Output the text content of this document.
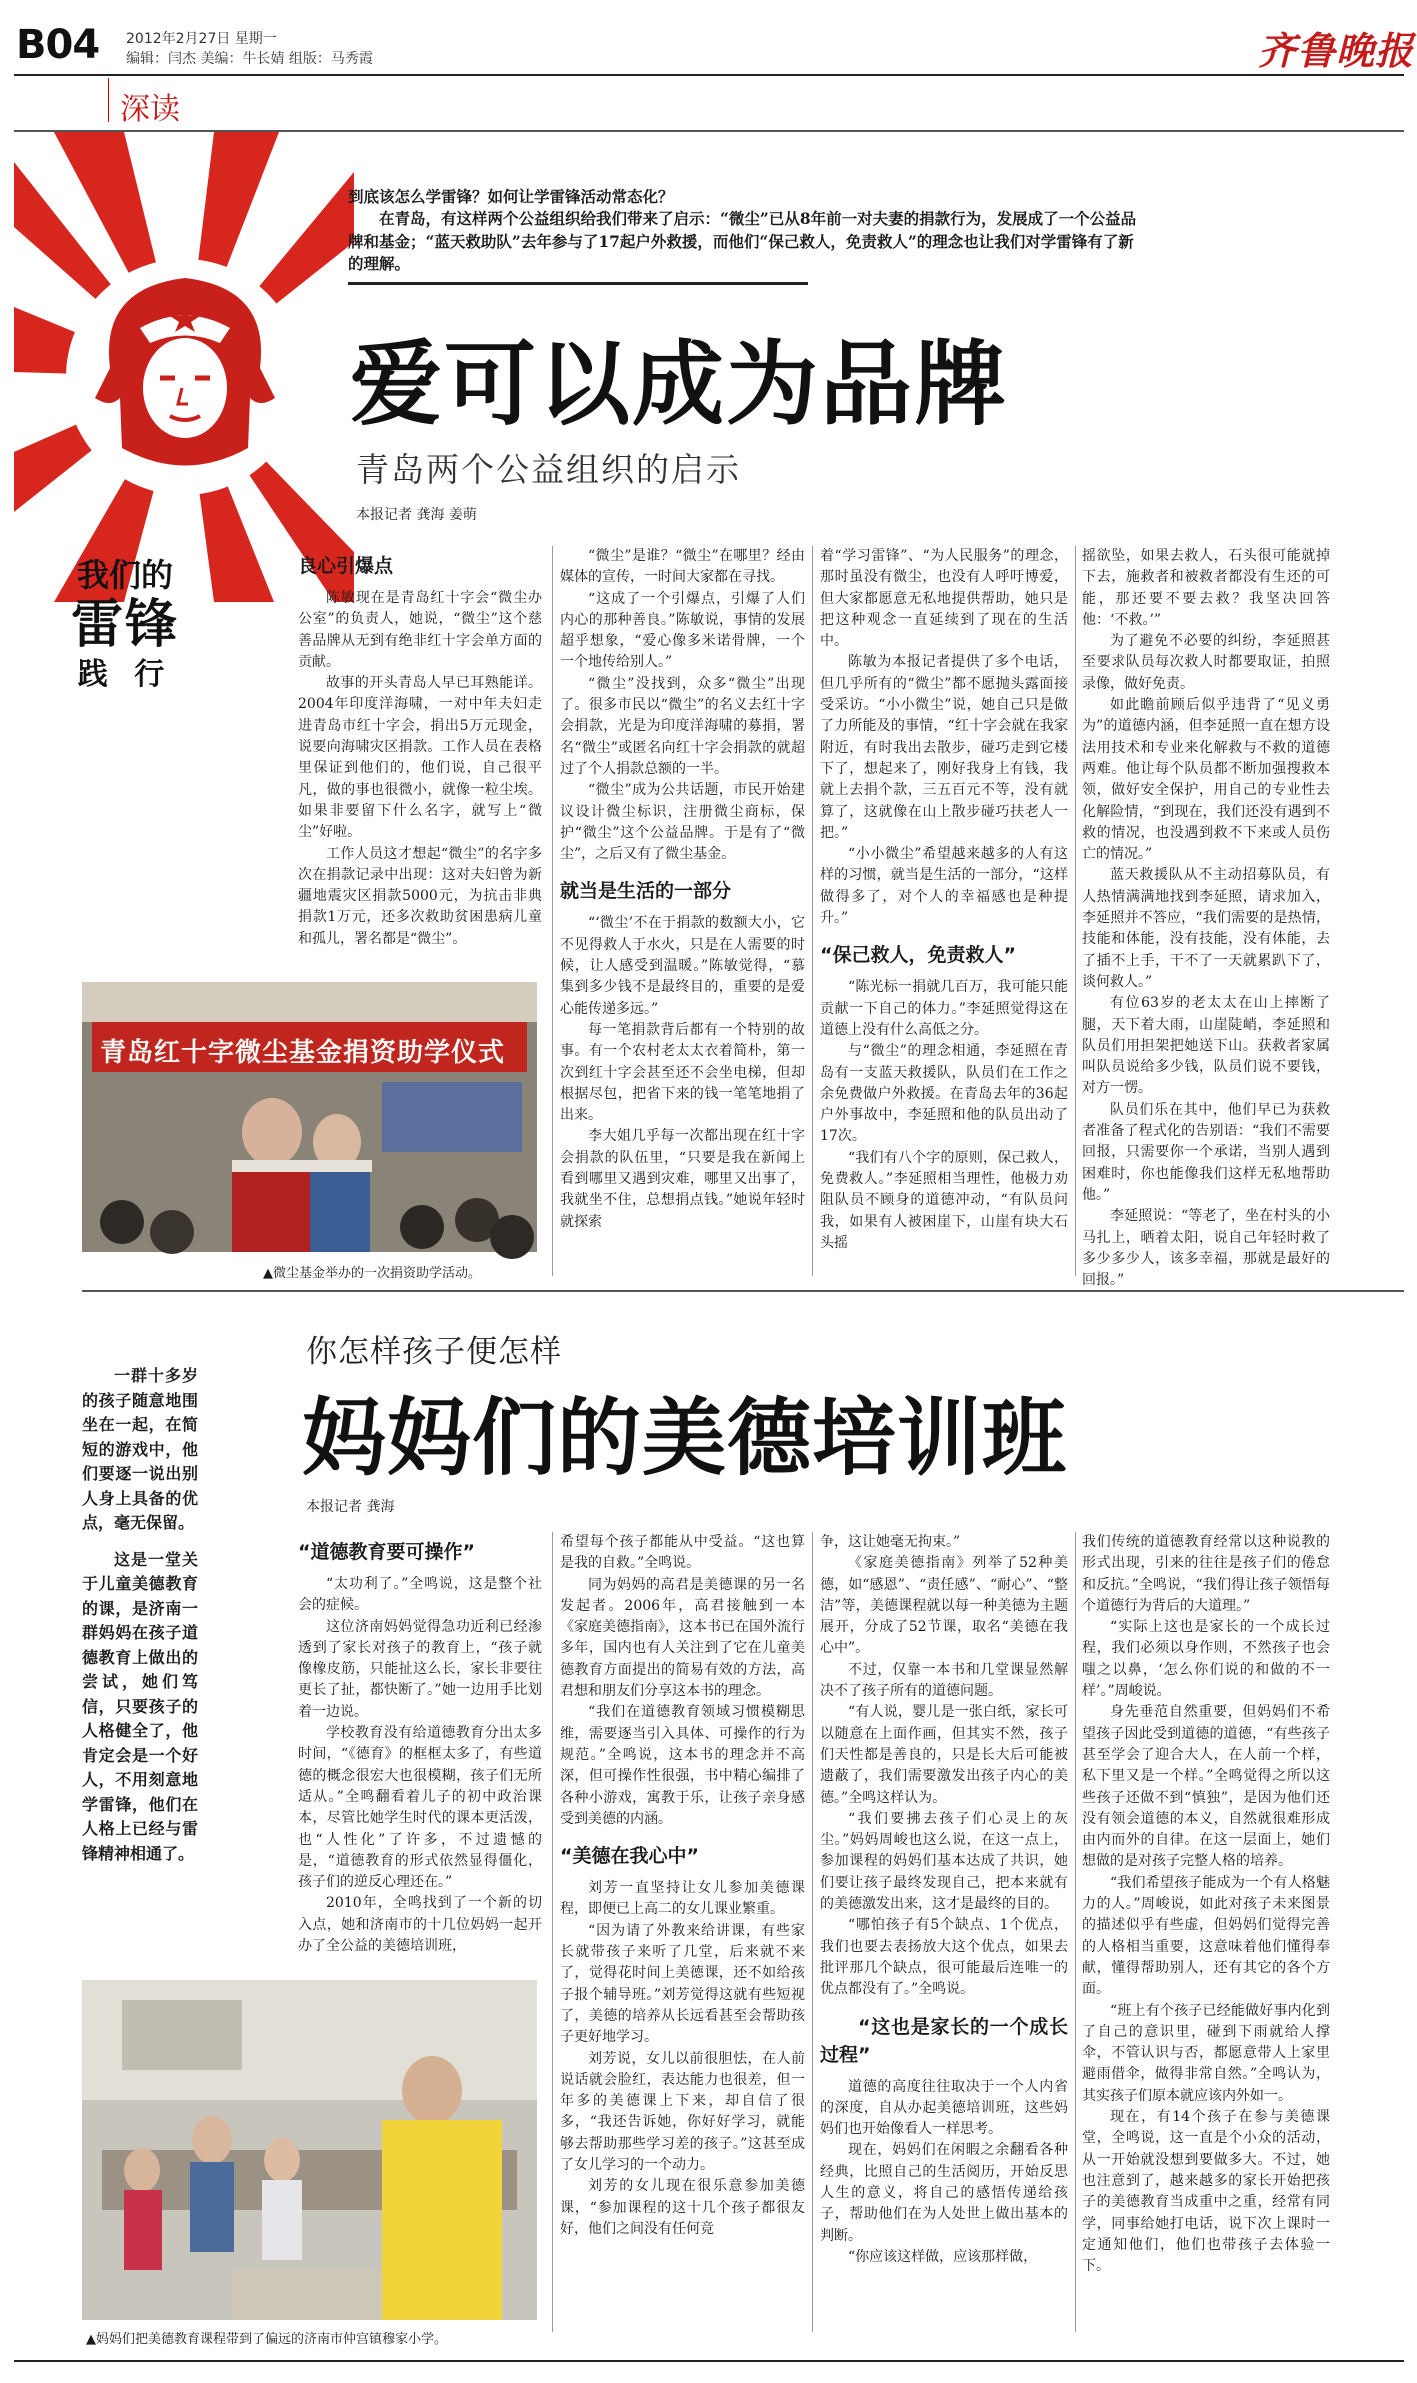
B04 2012年2月27日 星期一
编辑：闫杰 美编：牛长婧 组版：马秀霞
深读
齐鲁晚报
我们的
雷锋
践 行
到底该怎么学雷锋？如何让学雷锋活动常态化？
在青岛，有这样两个公益组织给我们带来了启示：“微尘”已从8年前一对夫妻的捐款行为，发展成了一个公益品牌和基金；“蓝天救助队”去年参与了17起户外救援，而他们“保己救人，免责救人”的理念也让我们对学雷锋有了新的理解。
爱可以成为品牌
青岛两个公益组织的启示
本报记者 龚海 姜萌
良心引爆点

陈敏现在是青岛红十字会“微尘办公室”的负责人，她说，“微尘”这个慈善品牌从无到有绝非红十字会单方面的贡献。

故事的开头青岛人早已耳熟能详。2004年印度洋海啸，一对中年夫妇走进青岛市红十字会，捐出5万元现金，说要向海啸灾区捐款。工作人员在表格里保证到他们的，他们说，自己很平凡，做的事也很微小，就像一粒尘埃。如果非要留下什么名字，就写上“微尘”好啦。

工作人员这才想起“微尘”的名字多次在捐款记录中出现：这对夫妇曾为新疆地震灾区捐款5000元，为抗击非典捐款1万元，还多次救助贫困患病儿童和孤儿，署名都是“微尘”。

青岛红十字微尘基金捐资助学仪式
▲微尘基金举办的一次捐资助学活动。

“微尘”是谁？“微尘”在哪里？经由媒体的宣传，一时间大家都在寻找。

“这成了一个引爆点，引爆了人们内心的那种善良。”陈敏说，事情的发展超乎想象，“爱心像多米诺骨牌，一个一个地传给别人。”

“微尘”没找到，众多“微尘”出现了。很多市民以“微尘”的名义去红十字会捐款，光是为印度洋海啸的募捐，署名“微尘”或匿名向红十字会捐款的就超过了个人捐款总额的一半。

“微尘”成为公共话题，市民开始建议设计微尘标识，注册微尘商标，保护“微尘”这个公益品牌。于是有了“微尘”，之后又有了微尘基金。

就当是生活的一部分

“‘微尘’不在于捐款的数额大小，它不见得救人于水火，只是在人需要的时候，让人感受到温暖。”陈敏觉得，“慕集到多少钱不是最终目的，重要的是爱心能传递多远。”

每一笔捐款背后都有一个特别的故事。有一个农村老太太衣着简朴，第一次到红十字会甚至还不会坐电梯，但却根据尽包，把省下来的钱一笔笔地捐了出来。

李大姐几乎每一次都出现在红十字会捐款的队伍里，“只要是我在新闻上看到哪里又遇到灾难，哪里又出事了，我就坐不住，总想捐点钱。”她说年轻时就探索

着“学习雷锋”、“为人民服务”的理念，那时虽没有微尘，也没有人呼吁博爱，但大家都愿意无私地提供帮助，她只是把这种观念一直延续到了现在的生活中。

陈敏为本报记者提供了多个电话，但几乎所有的“微尘”都不愿抛头露面接受采访。“小小微尘”说，她自己只是做了力所能及的事情，“红十字会就在我家附近，有时我出去散步，碰巧走到它楼下了，想起来了，刚好我身上有钱，我就上去捐个款，三五百元不等，没有就算了，这就像在山上散步碰巧扶老人一把。”

“小小微尘”希望越来越多的人有这样的习惯，就当是生活的一部分，“这样做得多了，对个人的幸福感也是种提升。”

“保己救人，免责救人”

“陈光标一捐就几百万，我可能只能贡献一下自己的体力。”李延照觉得这在道德上没有什么高低之分。

与“微尘”的理念相通，李延照在青岛有一支蓝天救援队，队员们在工作之余免费做户外救援。在青岛去年的36起户外事故中，李延照和他的队员出动了17次。

“我们有八个字的原则，保己救人，免费救人。”李延照相当理性，他极力劝阻队员不顾身的道德冲动，“有队员问我，如果有人被困崖下，山崖有块大石头摇

摇欲坠，如果去救人，石头很可能就掉下去，施救者和被救者都没有生还的可能，那还要不要去救？我坚决回答他：‘不救。’”

为了避免不必要的纠纷，李延照甚至要求队员每次救人时都要取证，拍照录像，做好免责。

如此瞻前顾后似乎违背了“见义勇为”的道德内涵，但李延照一直在想方设法用技术和专业来化解救与不救的道德两难。他让每个队员都不断加强搜救本领，做好安全保护，用自己的专业性去化解险情，“到现在，我们还没有遇到不救的情况，也没遇到救不下来或人员伤亡的情况。”

蓝天救援队从不主动招募队员，有人热情满满地找到李延照，请求加入，李延照并不答应，“我们需要的是热情，技能和体能，没有技能，没有体能，去了插不上手，干不了一天就累趴下了，谈何救人。”

有位63岁的老太太在山上摔断了腿，天下着大雨，山崖陡峭，李延照和队员们用担架把她送下山。获救者家属叫队员说给多少钱，队员们说不要钱，对方一愣。

队员们乐在其中，他们早已为获救者准备了程式化的告别语：“我们不需要回报，只需要你一个承诺，当别人遇到困难时，你也能像我们这样无私地帮助他。”

李延照说：“等老了，坐在村头的小马扎上，晒着太阳，说自己年轻时救了多少多少人，该多幸福，那就是最好的回报。”

你怎样孩子便怎样
妈妈们的美德培训班
本报记者 龚海

一群十多岁的孩子随意地围坐在一起，在简短的游戏中，他们要逐一说出别人身上具备的优点，毫无保留。

这是一堂关于儿童美德教育的课，是济南一群妈妈在孩子道德教育上做出的尝试，她们笃信，只要孩子的人格健全了，他肯定会是一个好人，不用刻意地学雷锋，他们在人格上已经与雷锋精神相通了。

“道德教育要可操作”

“太功利了。”全鸣说，这是整个社会的症候。

这位济南妈妈觉得急功近利已经渗透到了家长对孩子的教育上，“孩子就像橡皮筋，只能扯这么长，家长非要往更长了扯，都快断了。”她一边用手比划着一边说。

学校教育没有给道德教育分出太多时间，“《德育》的框框太多了，有些道德的概念很宏大也很模糊，孩子们无所适从。”全鸣翻看着儿子的初中政治课本，尽管比她学生时代的课本更活泼，也“人性化”了许多，不过遗憾的是，“道德教育的形式依然显得僵化，孩子们的逆反心理还在。”

2010年，全鸣找到了一个新的切入点，她和济南市的十几位妈妈一起开办了全公益的美德培训班，

▲妈妈们把美德教育课程带到了偏远的济南市仲宫镇穆家小学。

希望每个孩子都能从中受益。“这也算是我的自救。”全鸣说。

同为妈妈的高君是美德课的另一名发起者。2006年，高君接触到一本《家庭美德指南》，这本书已在国外流行多年，国内也有人关注到了它在儿童美德教育方面提出的简易有效的方法，高君想和朋友们分享这本书的理念。

“我们在道德教育领域习惯模糊思维，需要逐当引入具体、可操作的行为规范。”全鸣说，这本书的理念并不高深，但可操作性很强，书中精心编排了各种小游戏，寓教于乐，让孩子亲身感受到美德的内涵。

“美德在我心中”

刘芳一直坚持让女儿参加美德课程，即便已上高二的女儿课业繁重。

“因为请了外教来给讲课，有些家长就带孩子来听了几堂，后来就不来了，觉得花时间上美德课，还不如给孩子报个辅导班。”刘芳觉得这就有些短视了，美德的培养从长远看甚至会帮助孩子更好地学习。

刘芳说，女儿以前很胆怯，在人前说话就会脸红，表达能力也很差，但一年多的美德课上下来，却自信了很多，“我还告诉她，你好好学习，就能够去帮助那些学习差的孩子。”这甚至成了女儿学习的一个动力。

刘芳的女儿现在很乐意参加美德课，“参加课程的这十几个孩子都很友好，他们之间没有任何竞

争，这让她毫无拘束。”

《家庭美德指南》列举了52种美德，如“感恩”、“责任感”、“耐心”、“整洁”等，美德课程就以每一种美德为主题展开，分成了52节课，取名“美德在我心中”。

不过，仅靠一本书和几堂课显然解决不了孩子所有的道德问题。

“有人说，婴儿是一张白纸，家长可以随意在上面作画，但其实不然，孩子们天性都是善良的，只是长大后可能被遗蔽了，我们需要激发出孩子内心的美德。”全鸣这样认为。

“我们要拂去孩子们心灵上的灰尘。”妈妈周峻也这么说，在这一点上，参加课程的妈妈们基本达成了共识，她们要让孩子最终发现自己，把本来就有的美德激发出来，这才是最终的目的。

“哪怕孩子有5个缺点、1个优点，我们也要去表扬放大这个优点，如果去批评那几个缺点，很可能最后连唯一的优点都没有了。”全鸣说。

“这也是家长的一个成长过程”

道德的高度往往取决于一个人内省的深度，自从办起美德培训班，这些妈妈们也开始像看人一样思考。

现在，妈妈们在闲暇之余翻看各种经典，比照自己的生活阅历，开始反思人生的意义，将自己的感悟传递给孩子，帮助他们在为人处世上做出基本的判断。

“你应该这样做，应该那样做，

我们传统的道德教育经常以这种说教的形式出现，引来的往往是孩子们的倦怠和反抗。”全鸣说，“我们得让孩子领悟每个道德行为背后的大道理。”

“实际上这也是家长的一个成长过程，我们必须以身作则，不然孩子也会嗤之以鼻，‘怎么你们说的和做的不一样’。”周峻说。

身先垂范自然重要，但妈妈们不希望孩子因此受到道德的道德，“有些孩子甚至学会了迎合大人，在人前一个样，私下里又是一个样。”全鸣觉得之所以这些孩子还做不到“慎独”，是因为他们还没有领会道德的本义，自然就很难形成由内而外的自律。在这一层面上，她们想做的是对孩子完整人格的培养。

“我们希望孩子能成为一个有人格魅力的人。”周峻说，如此对孩子未来图景的描述似乎有些虚，但妈妈们觉得完善的人格相当重要，这意味着他们懂得奉献，懂得帮助别人，还有其它的各个方面。

“班上有个孩子已经能做好事内化到了自己的意识里，碰到下雨就给人撑伞，不管认识与否，都愿意带人上家里避雨借伞，做得非常自然。”全鸣认为，其实孩子们原本就应该内外如一。

现在，有14个孩子在参与美德课堂，全鸣说，这一直是个小众的活动，从一开始就没想到要做多大。不过，她也注意到了，越来越多的家长开始把孩子的美德教育当成重中之重，经常有同学，同事给她打电话，说下次上课时一定通知他们，他们也带孩子去体验一下。
